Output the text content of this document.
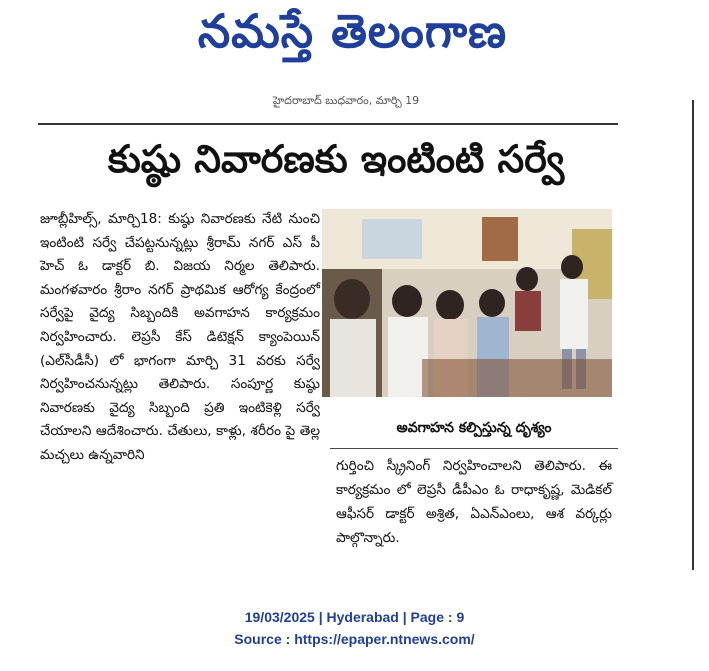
నమస్తే తెలంగాణ
హైదరాబాద్ బుధవారం, మార్చి 19
కుష్ఠు నివారణకు ఇంటింటి సర్వే

జూబ్లీహిల్స్, మార్చి18: కుష్ఠు నివారణకు నేటి నుంచి ఇంటింటి సర్వే చేపట్టనున్నట్లు శ్రీరామ్ నగర్ ఎస్ పీ హెచ్ ఓ డాక్టర్ బి. విజయ నిర్మల తెలిపారు. మంగళవారం శ్రీరాం నగర్ ప్రాథమిక ఆరోగ్య కేంద్రంలో సర్వేపై వైద్య సిబ్బందికి అవగాహన కార్యక్రమం నిర్వహించారు. లెప్రసీ కేస్ డిటెక్షన్ క్యాంపెయిన్ (ఎల్‌సీడీసీ) లో భాగంగా మార్చి 31 వరకు సర్వే నిర్వహించనున్నట్లు తెలిపారు. సంపూర్ణ కుష్ఠు నివారణకు వైద్య సిబ్బంది ప్రతి ఇంటికెళ్లి సర్వే చేయాలని ఆదేశించారు. చేతులు, కాళ్లు, శరీరం పై తెల్ల మచ్చలు ఉన్నవారిని

అవగాహన కల్పిస్తున్న దృశ్యం

గుర్తించి స్క్రీనింగ్ నిర్వహించాలని తెలిపారు. ఈ కార్యక్రమం లో లెప్రసీ డీపీఎం ఓ రాధాకృష్ణ, మెడికల్ ఆఫీసర్ డాక్టర్ అశ్రిత, ఏఎన్ఎంలు, ఆశ వర్కర్లు పాల్గొన్నారు.

19/03/2025 | Hyderabad | Page : 9
Source : https://epaper.ntnews.com/
